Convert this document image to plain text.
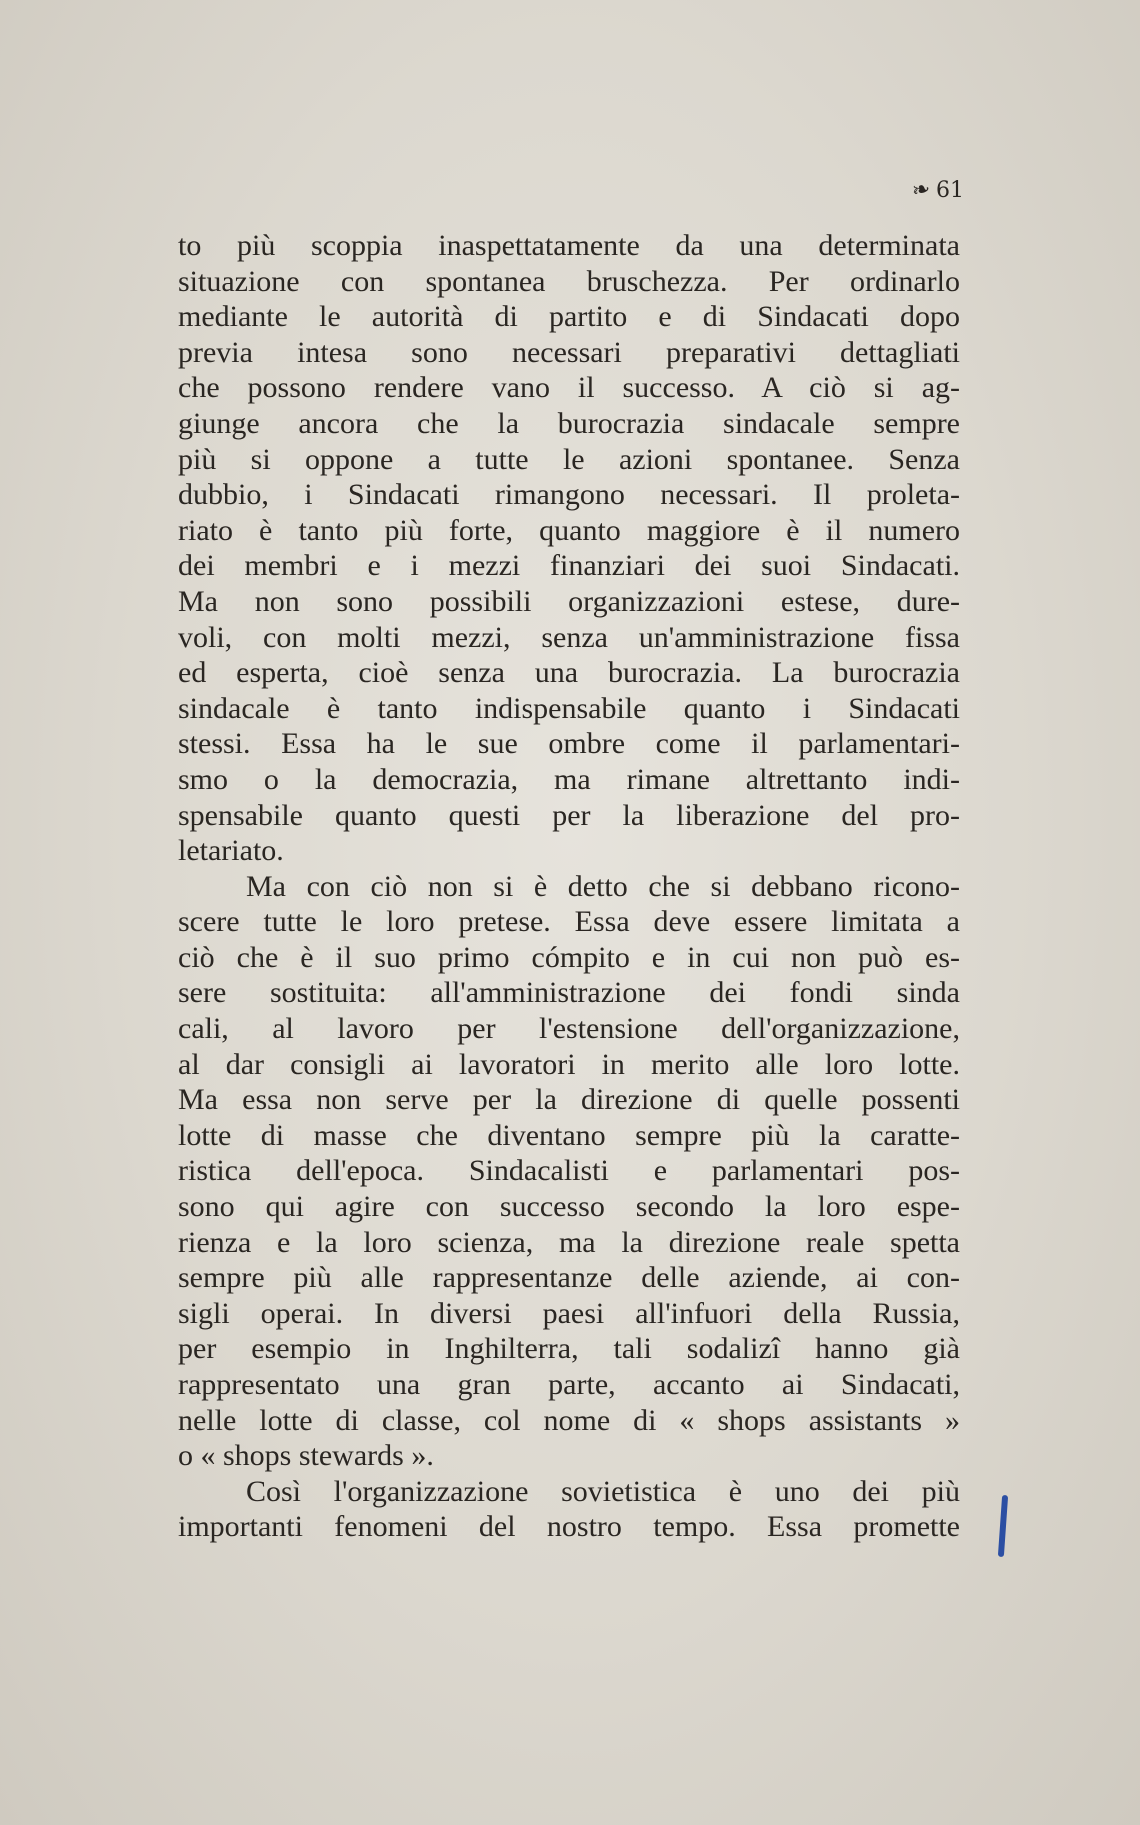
❧ 61

to più scoppia inaspettatamente da una determinata
situazione con spontanea bruschezza. Per ordinarlo
mediante le autorità di partito e di Sindacati dopo
previa intesa sono necessari preparativi dettagliati
che possono rendere vano il successo. A ciò si ag-
giunge ancora che la burocrazia sindacale sempre
più si oppone a tutte le azioni spontanee. Senza
dubbio, i Sindacati rimangono necessari. Il proleta-
riato è tanto più forte, quanto maggiore è il numero
dei membri e i mezzi finanziari dei suoi Sindacati.
Ma non sono possibili organizzazioni estese, dure-
voli, con molti mezzi, senza un'amministrazione fissa
ed esperta, cioè senza una burocrazia. La burocrazia
sindacale è tanto indispensabile quanto i Sindacati
stessi. Essa ha le sue ombre come il parlamentari-
smo o la democrazia, ma rimane altrettanto indi-
spensabile quanto questi per la liberazione del pro-
letariato.

Ma con ciò non si è detto che si debbano ricono-
scere tutte le loro pretese. Essa deve essere limitata a
ciò che è il suo primo cómpito e in cui non può es-
sere sostituita: all'amministrazione dei fondi sinda
cali, al lavoro per l'estensione dell'organizzazione,
al dar consigli ai lavoratori in merito alle loro lotte.
Ma essa non serve per la direzione di quelle possenti
lotte di masse che diventano sempre più la caratte-
ristica dell'epoca. Sindacalisti e parlamentari pos-
sono qui agire con successo secondo la loro espe-
rienza e la loro scienza, ma la direzione reale spetta
sempre più alle rappresentanze delle aziende, ai con-
sigli operai. In diversi paesi all'infuori della Russia,
per esempio in Inghilterra, tali sodalizî hanno già
rappresentato una gran parte, accanto ai Sindacati,
nelle lotte di classe, col nome di « shops assistants »
o « shops stewards ».

Così l'organizzazione sovietistica è uno dei più
importanti fenomeni del nostro tempo. Essa promette
